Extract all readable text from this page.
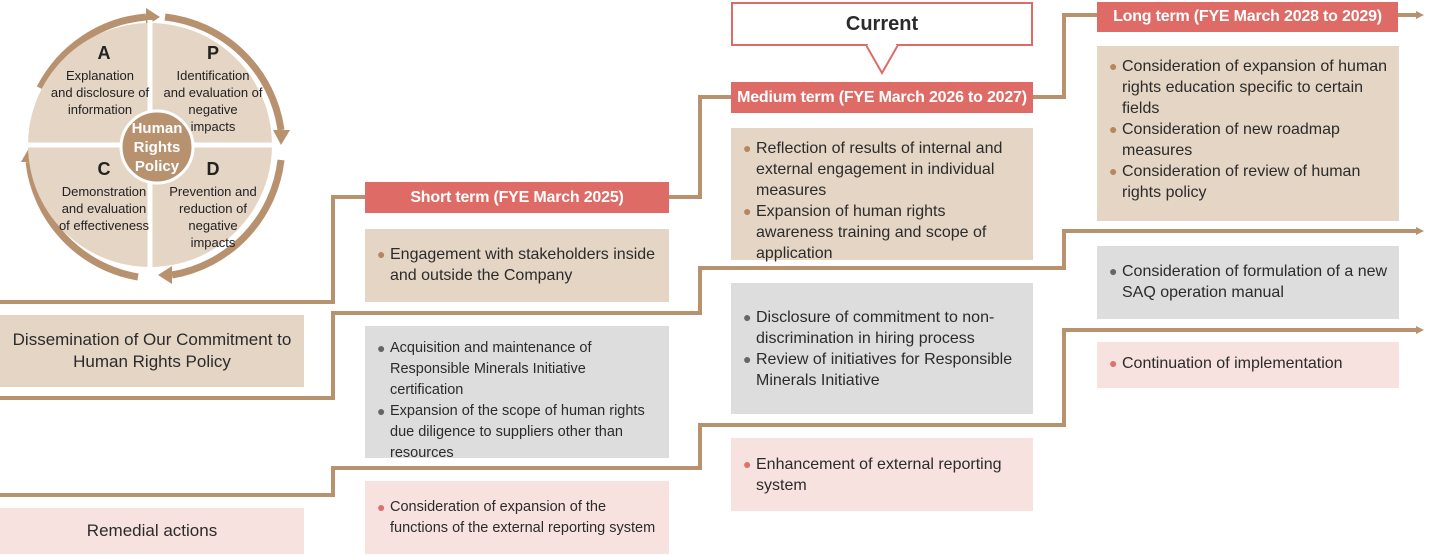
Human
Rights
Policy
A
Explanation
and disclosure of
information
P
Identification
and evaluation of
negative
impacts
C
Demonstration
and evaluation
of effectiveness
D
Prevention and
reduction of negative
impacts
Current
Short term (FYE March 2025)
Medium term (FYE March 2026 to 2027)
Long term (FYE March 2028 to 2029)
Dissemination of Our Commitment to Human Rights Policy
Remedial actions
● Engagement with stakeholders inside and outside the Company
● Acquisition and maintenance of Responsible Minerals Initiative certification
● Expansion of the scope of human rights due diligence to suppliers other than resources
● Consideration of expansion of the functions of the external reporting system
● Reflection of results of internal and external engagement in individual measures
● Expansion of human rights awareness training and scope of application
● Disclosure of commitment to non-discrimination in hiring process
● Review of initiatives for Responsible Minerals Initiative
● Enhancement of external reporting system
● Consideration of expansion of human rights education specific to certain fields
● Consideration of new roadmap measures
● Consideration of review of human rights policy
● Consideration of formulation of a new SAQ operation manual
● Continuation of implementation
